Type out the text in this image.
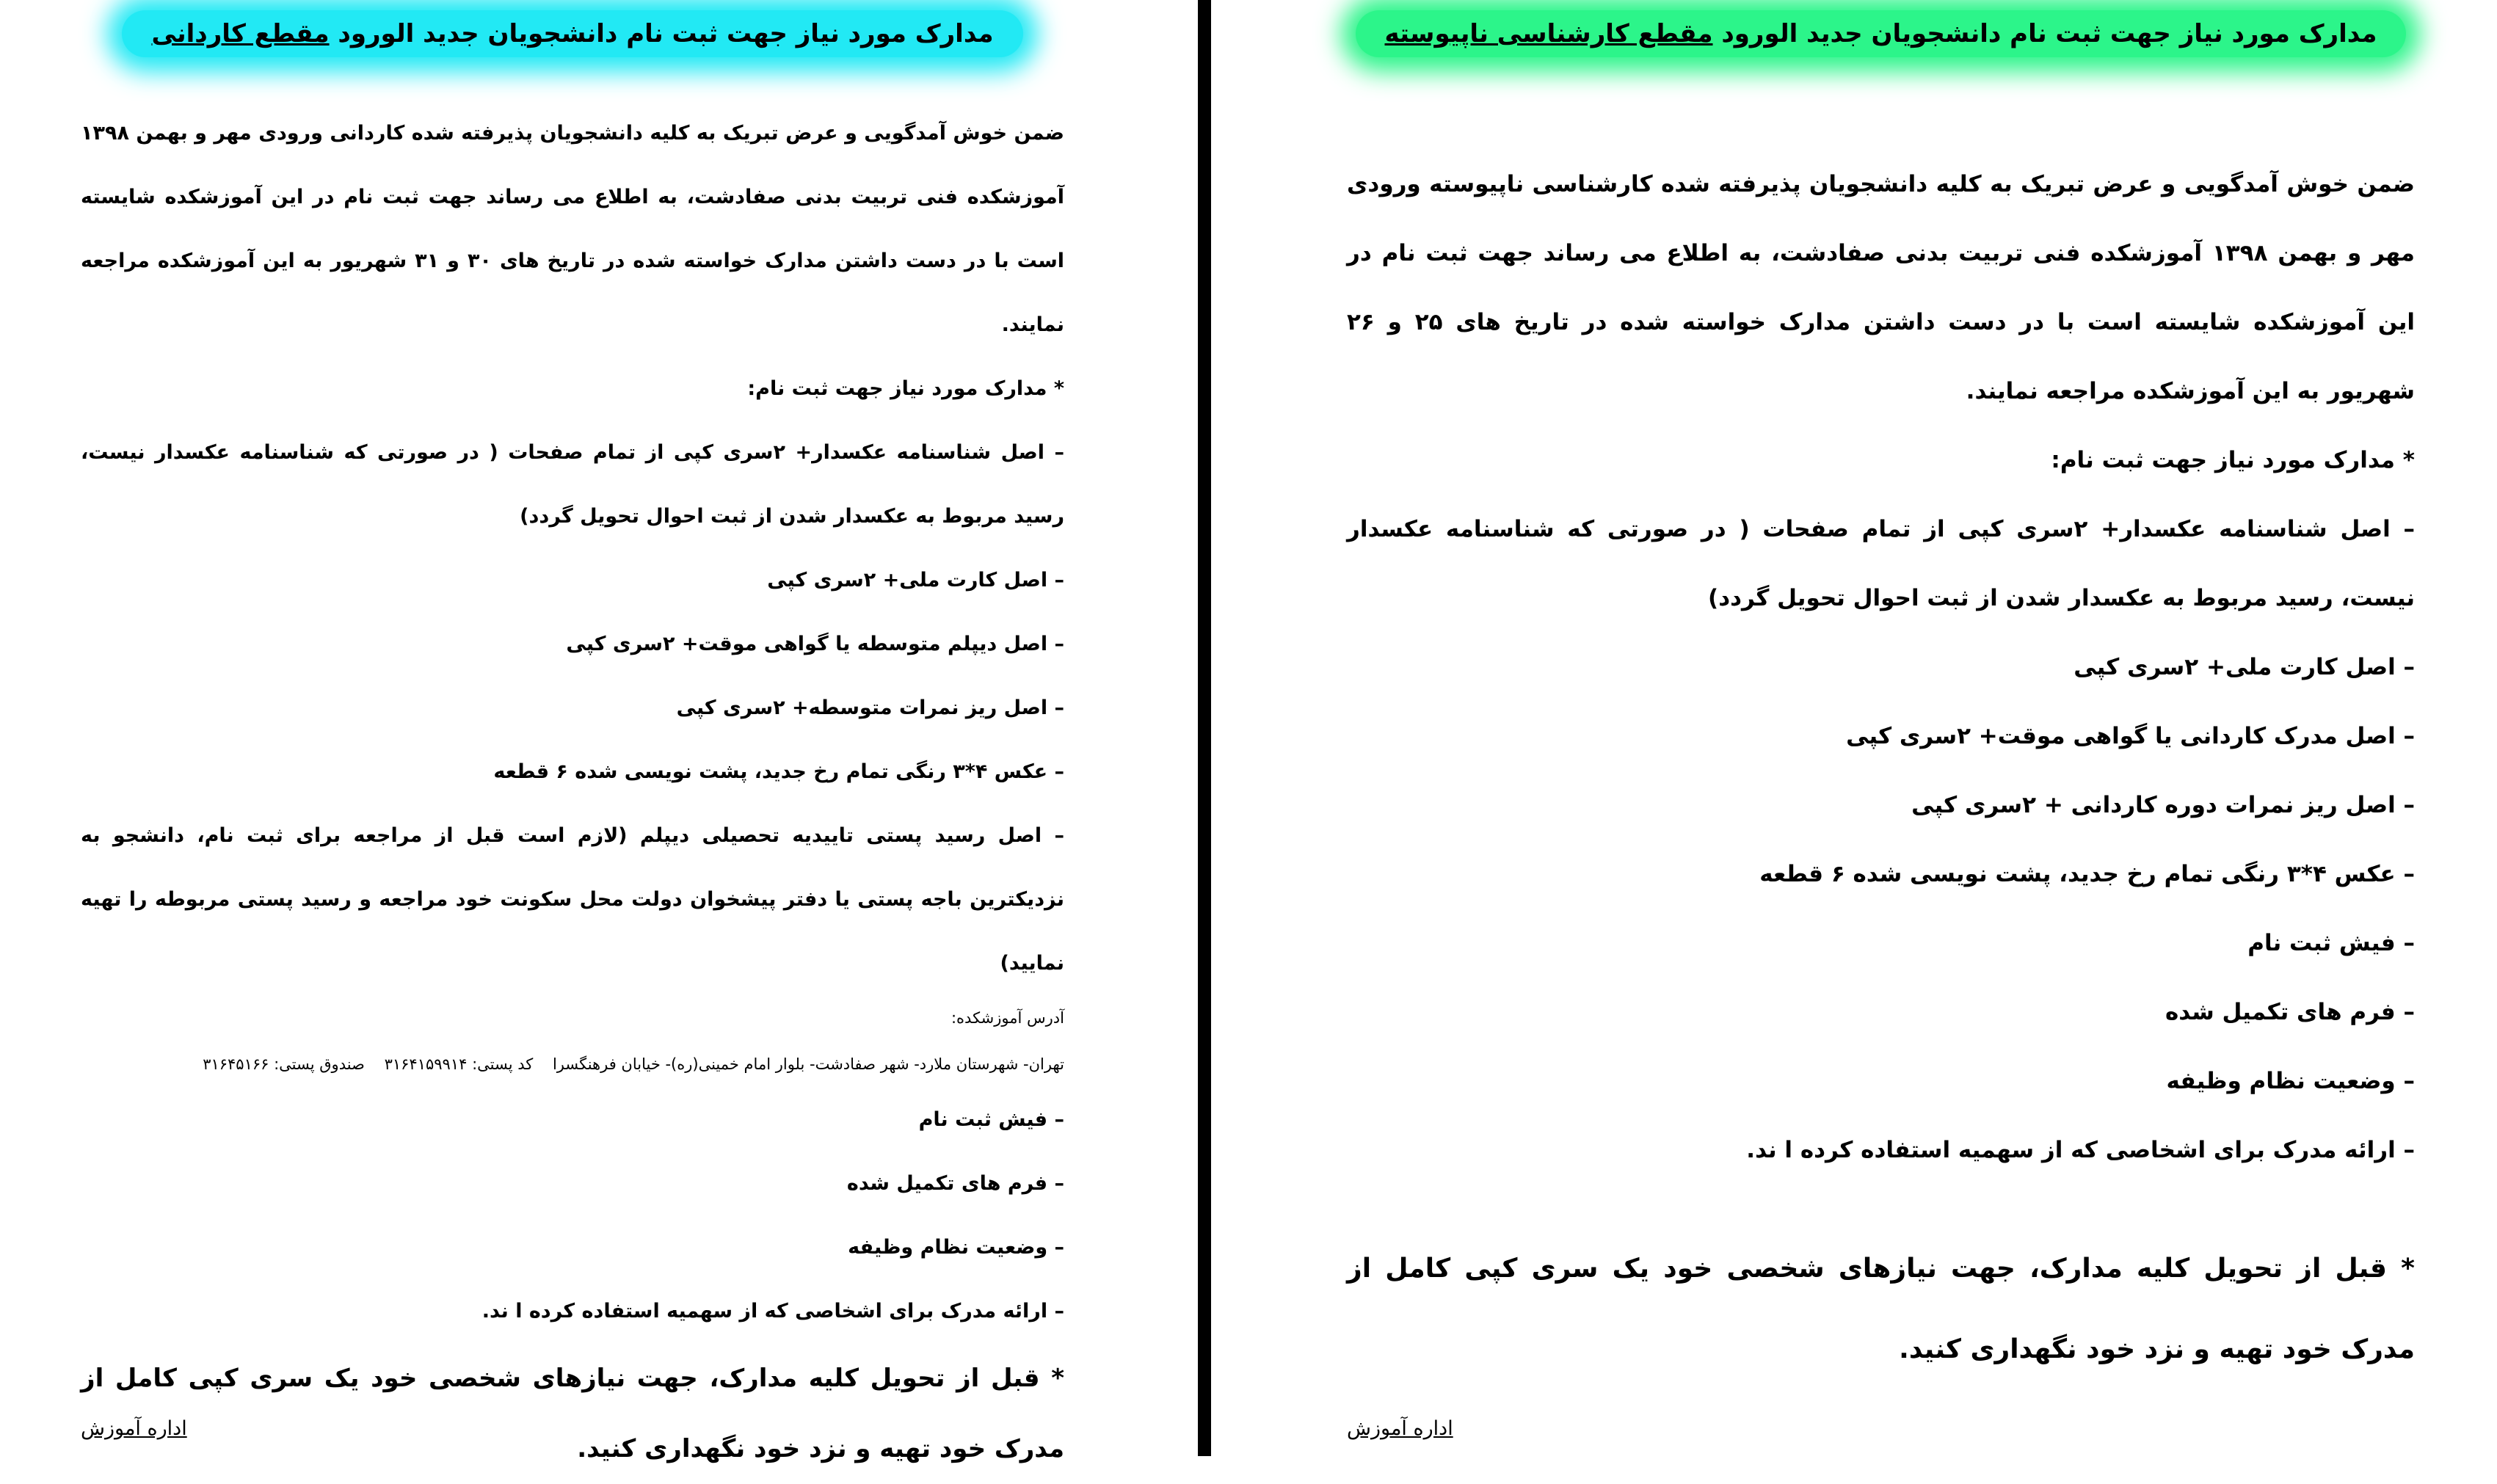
مدارک مورد نیاز جهت ثبت نام دانشجویان جدید الورود مقطع کاردانی

ضمن خوش آمدگویی و عرض تبریک به کلیه دانشجویان پذیرفته شده کاردانی ورودی مهر و بهمن ۱۳۹۸ آموزشکده فنی تربیت بدنی صفادشت، به اطلاع می رساند جهت ثبت نام در این آموزشکده شایسته است با در دست داشتن مدارک خواسته شده در تاریخ های ۳۰ و ۳۱ شهریور به این آموزشکده مراجعه نمایند.

* مدارک مورد نیاز جهت ثبت نام:

– اصل شناسنامه عکسدار+ ۲سری کپی از تمام صفحات ( در صورتی که شناسنامه عکسدار نیست، رسید مربوط به عکسدار شدن از ثبت احوال تحویل گردد)

– اصل کارت ملی+ ۲سری کپی

– اصل دیپلم متوسطه یا گواهی موقت+ ۲سری کپی

– اصل ریز نمرات متوسطه+ ۲سری کپی

– عکس ۴*۳ رنگی تمام رخ جدید، پشت نویسی شده ۶ قطعه

– اصل رسید پستی تاییدیه تحصیلی دیپلم (لازم است قبل از مراجعه برای ثبت نام، دانشجو به نزدیکترین باجه پستی یا دفتر پیشخوان دولت محل سکونت خود مراجعه و رسید پستی مربوطه را تهیه نمایید)

آدرس آموزشکده:

تهران- شهرستان ملارد- شهر صفادشت- بلوار امام خمینی(ره)- خیابان فرهنگسرا    کد پستی: ۳۱۶۴۱۵۹۹۱۴    صندوق پستی: ۳۱۶۴۵۱۶۶

– فیش ثبت نام

– فرم های تکمیل شده

– وضعیت نظام وظیفه

– ارائه مدرک برای اشخاصی که از سهمیه استفاده کرده ا ند.

* قبل از تحویل کلیه مدارک، جهت نیازهای شخصی خود یک سری کپی کامل از مدرک خود تهیه و نزد خود نگهداری کنید.

اداره آموزش
مدارک مورد نیاز جهت ثبت نام دانشجویان جدید الورود مقطع کارشناسی ناپیوسته

ضمن خوش آمدگویی و عرض تبریک به کلیه دانشجویان پذیرفته شده کارشناسی ناپیوسته ورودی مهر و بهمن ۱۳۹۸ آموزشکده فنی تربیت بدنی صفادشت، به اطلاع می رساند جهت ثبت نام در این آموزشکده شایسته است با در دست داشتن مدارک خواسته شده در تاریخ های ۲۵ و ۲۶ شهریور به این آموزشکده مراجعه نمایند.

* مدارک مورد نیاز جهت ثبت نام:

– اصل شناسنامه عکسدار+ ۲سری کپی از تمام صفحات ( در صورتی که شناسنامه عکسدار نیست، رسید مربوط به عکسدار شدن از ثبت احوال تحویل گردد)

– اصل کارت ملی+ ۲سری کپی

– اصل مدرک کاردانی یا گواهی موقت+ ۲سری کپی

– اصل ریز نمرات دوره کاردانی + ۲سری کپی

– عکس ۴*۳ رنگی تمام رخ جدید، پشت نویسی شده ۶ قطعه

– فیش ثبت نام

– فرم های تکمیل شده

– وضعیت نظام وظیفه

– ارائه مدرک برای اشخاصی که از سهمیه استفاده کرده ا ند.

* قبل از تحویل کلیه مدارک، جهت نیازهای شخصی خود یک سری کپی کامل از مدرک خود تهیه و نزد خود نگهداری کنید.

اداره آموزش
